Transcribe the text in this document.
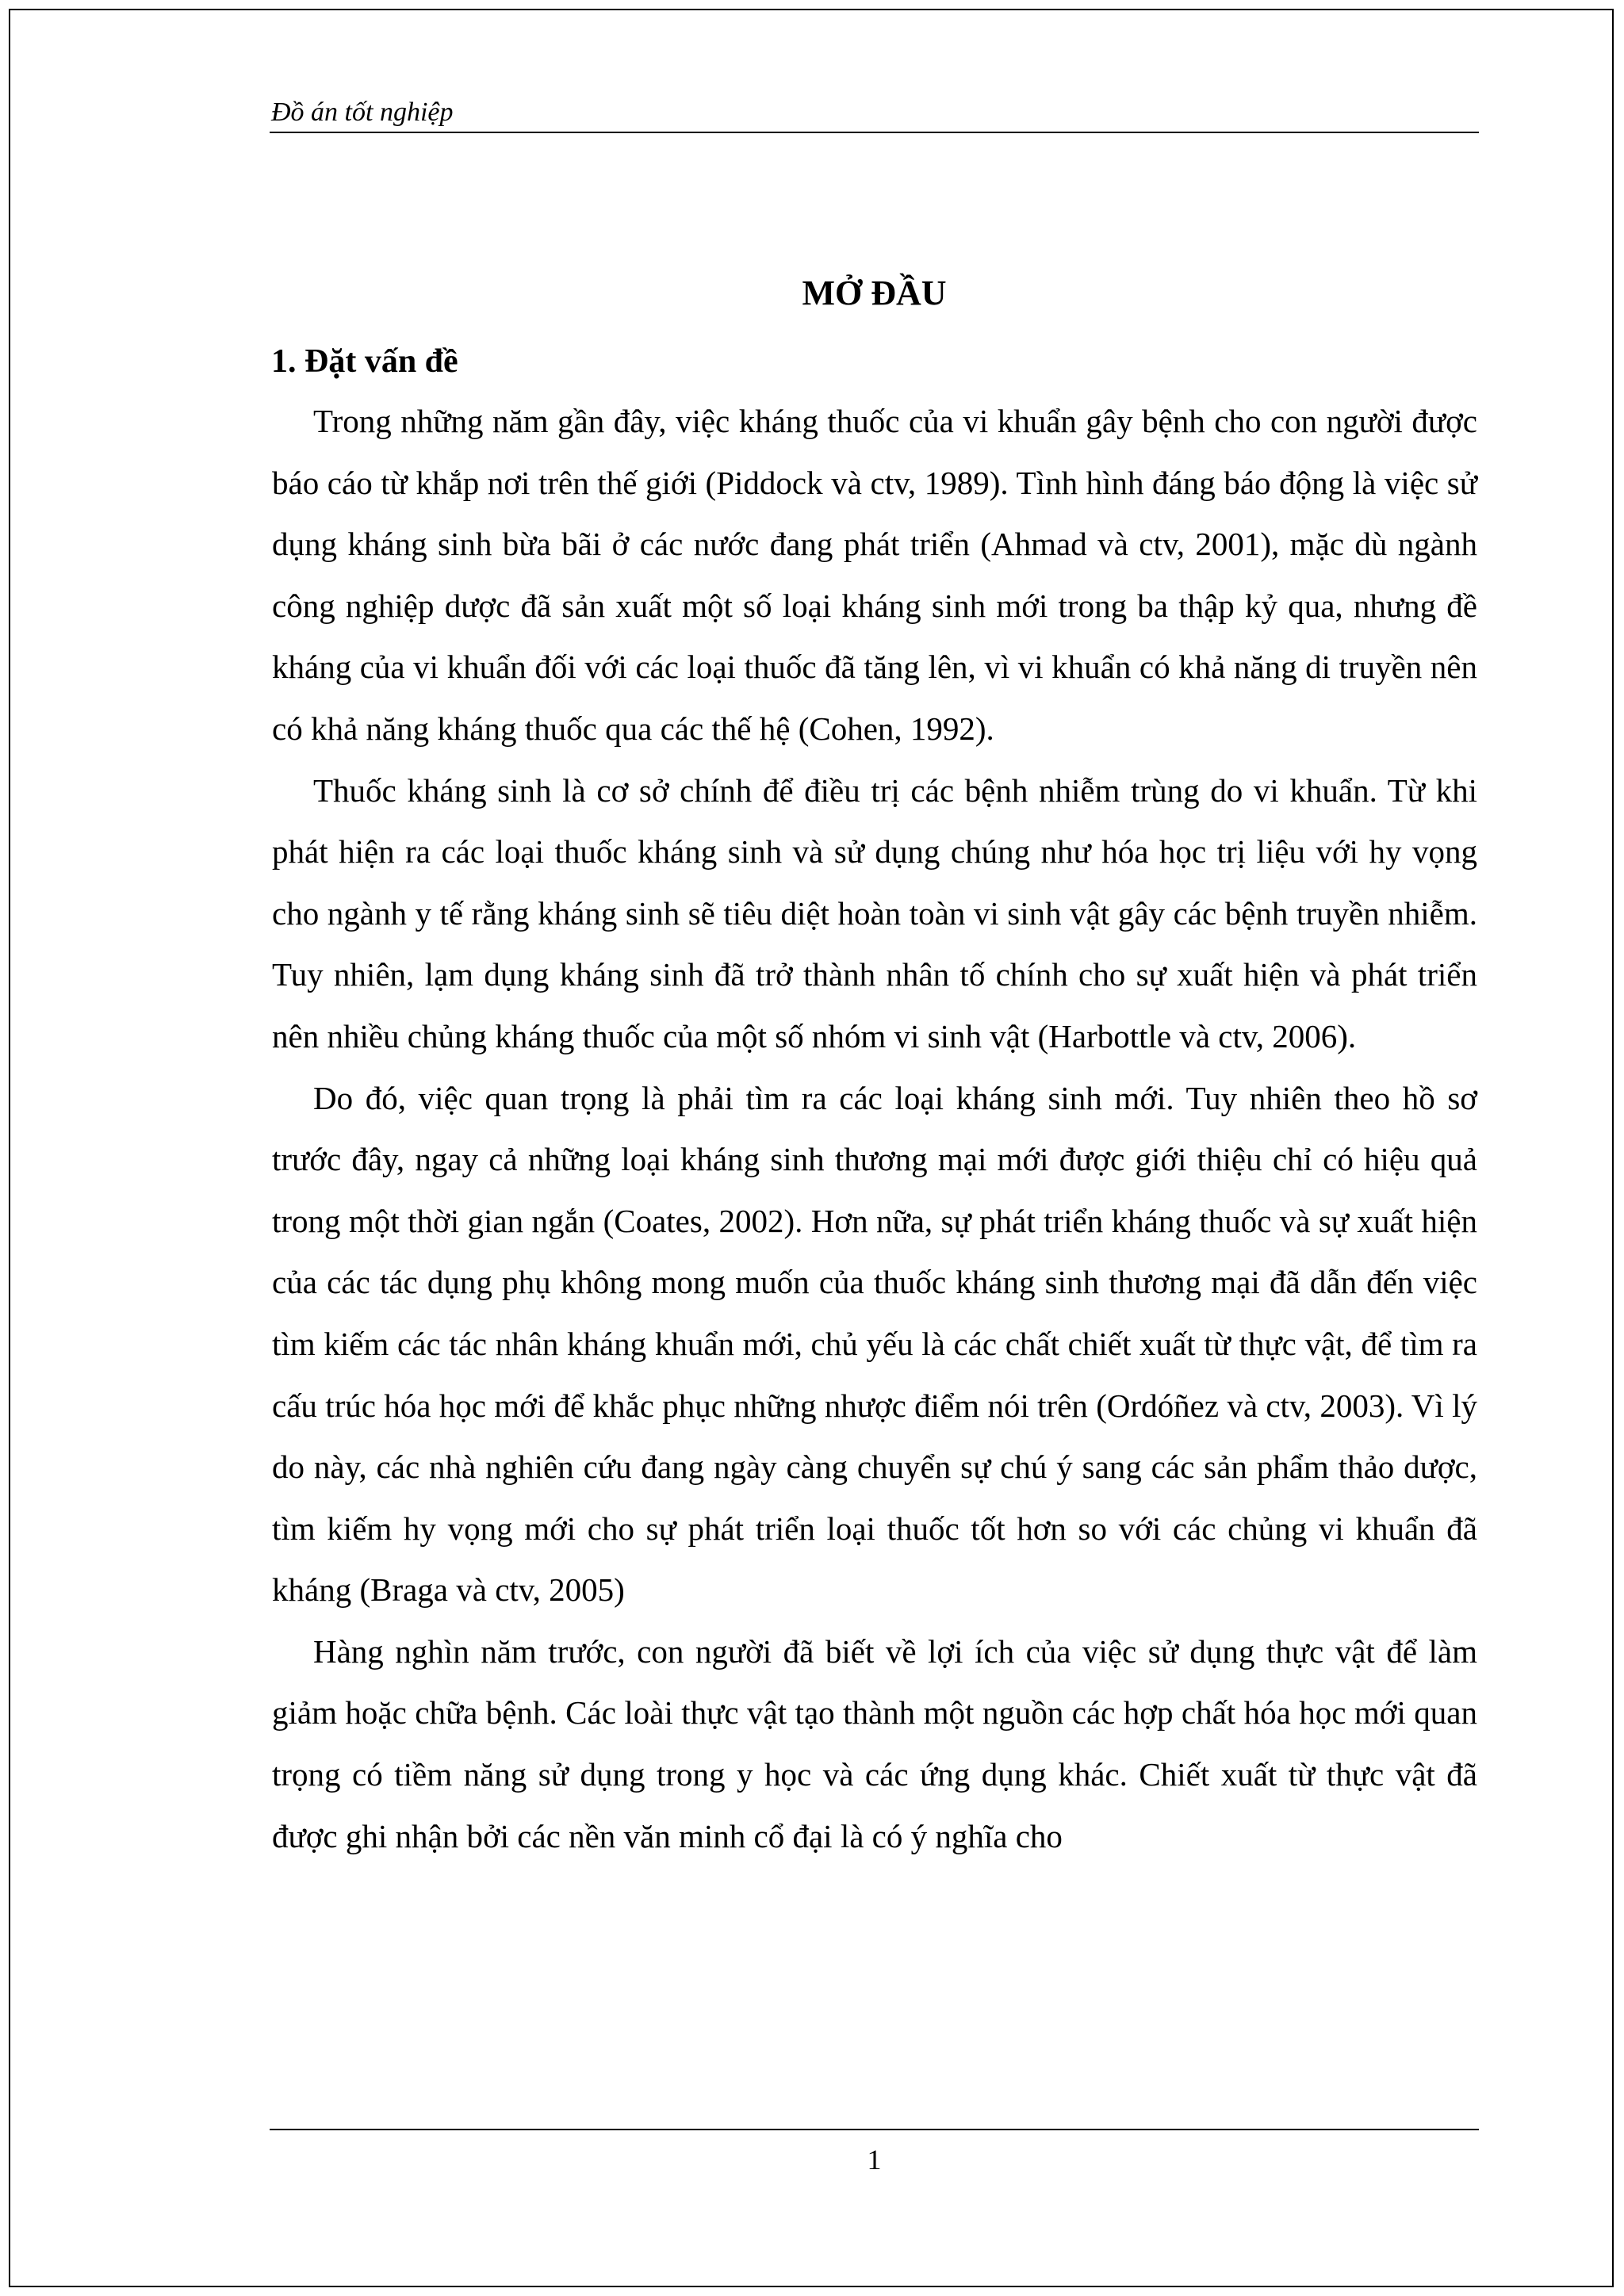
Đồ án tốt nghiệp
MỞ ĐẦU
1. Đặt vấn đề

Trong những năm gần đây, việc kháng thuốc của vi khuẩn gây bệnh cho con người được báo cáo từ khắp nơi trên thế giới (Piddock và ctv, 1989). Tình hình đáng báo động là việc sử dụng kháng sinh bừa bãi ở các nước đang phát triển (Ahmad và ctv, 2001), mặc dù ngành công nghiệp dược đã sản xuất một số loại kháng sinh mới trong ba thập kỷ qua, nhưng đề kháng của vi khuẩn đối với các loại thuốc đã tăng lên, vì vi khuẩn có khả năng di truyền nên có khả năng kháng thuốc qua các thế hệ (Cohen, 1992).

Thuốc kháng sinh là cơ sở chính để điều trị các bệnh nhiễm trùng do vi khuẩn. Từ khi phát hiện ra các loại thuốc kháng sinh và sử dụng chúng như hóa học trị liệu với hy vọng cho ngành y tế rằng kháng sinh sẽ tiêu diệt hoàn toàn vi sinh vật gây các bệnh truyền nhiễm. Tuy nhiên, lạm dụng kháng sinh đã trở thành nhân tố chính cho sự xuất hiện và phát triển nên nhiều chủng kháng thuốc của một số nhóm vi sinh vật (Harbottle và ctv, 2006).

Do đó, việc quan trọng là phải tìm ra các loại kháng sinh mới. Tuy nhiên theo hồ sơ trước đây, ngay cả những loại kháng sinh thương mại mới được giới thiệu chỉ có hiệu quả trong một thời gian ngắn (Coates, 2002). Hơn nữa, sự phát triển kháng thuốc và sự xuất hiện của các tác dụng phụ không mong muốn của thuốc kháng sinh thương mại đã dẫn đến việc tìm kiếm các tác nhân kháng khuẩn mới, chủ yếu là các chất chiết xuất từ thực vật, để tìm ra cấu trúc hóa học mới để khắc phục những nhược điểm nói trên (Ordóñez và ctv, 2003). Vì lý do này, các nhà nghiên cứu đang ngày càng chuyển sự chú ý sang các sản phẩm thảo dược, tìm kiếm hy vọng mới cho sự phát triển loại thuốc tốt hơn so với các chủng vi khuẩn đã kháng (Braga và ctv, 2005)

Hàng nghìn năm trước, con người đã biết về lợi ích của việc sử dụng thực vật để làm giảm hoặc chữa bệnh. Các loài thực vật tạo thành một nguồn các hợp chất hóa học mới quan trọng có tiềm năng sử dụng trong y học và các ứng dụng khác. Chiết xuất từ thực vật đã được ghi nhận bởi các nền văn minh cổ đại là có ý nghĩa cho

1
